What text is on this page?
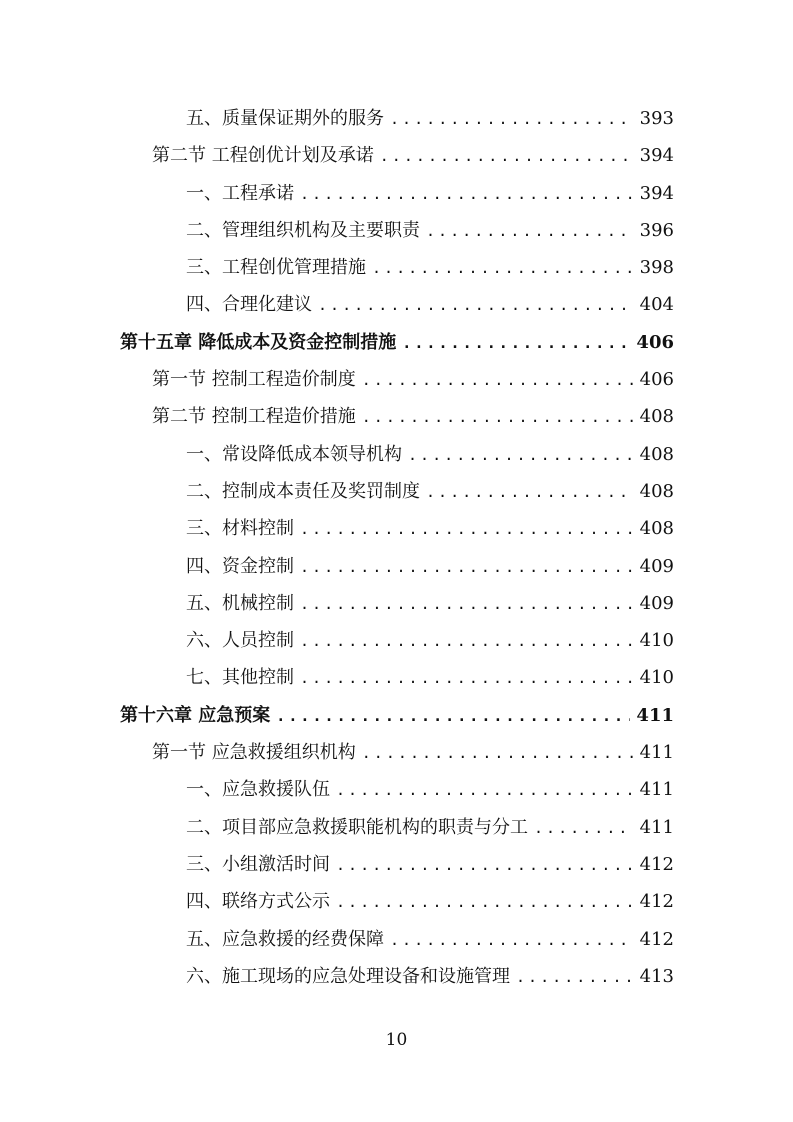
五、质量保证期外的服务 . . .	393
第二节 工程创优计划及承诺 . . .	394
一、工程承诺 . . .	394
二、管理组织机构及主要职责 . . .	396
三、工程创优管理措施 . . .	398
四、合理化建议 . . .	404
第十五章 降低成本及资金控制措施 . . .	406
第一节 控制工程造价制度 . . .	406
第二节 控制工程造价措施 . . .	408
一、常设降低成本领导机构 . . .	408
二、控制成本责任及奖罚制度 . . .	408
三、材料控制 . . .	408
四、资金控制 . . .	409
五、机械控制 . . .	409
六、人员控制 . . .	410
七、其他控制 . . .	410
第十六章 应急预案 . . .	411
第一节 应急救援组织机构 . . .	411
一、应急救援队伍 . . .	411
二、项目部应急救援职能机构的职责与分工 . . .	411
三、小组激活时间 . . .	412
四、联络方式公示 . . .	412
五、应急救援的经费保障 . . .	412
六、施工现场的应急处理设备和设施管理 . . .	413
10
